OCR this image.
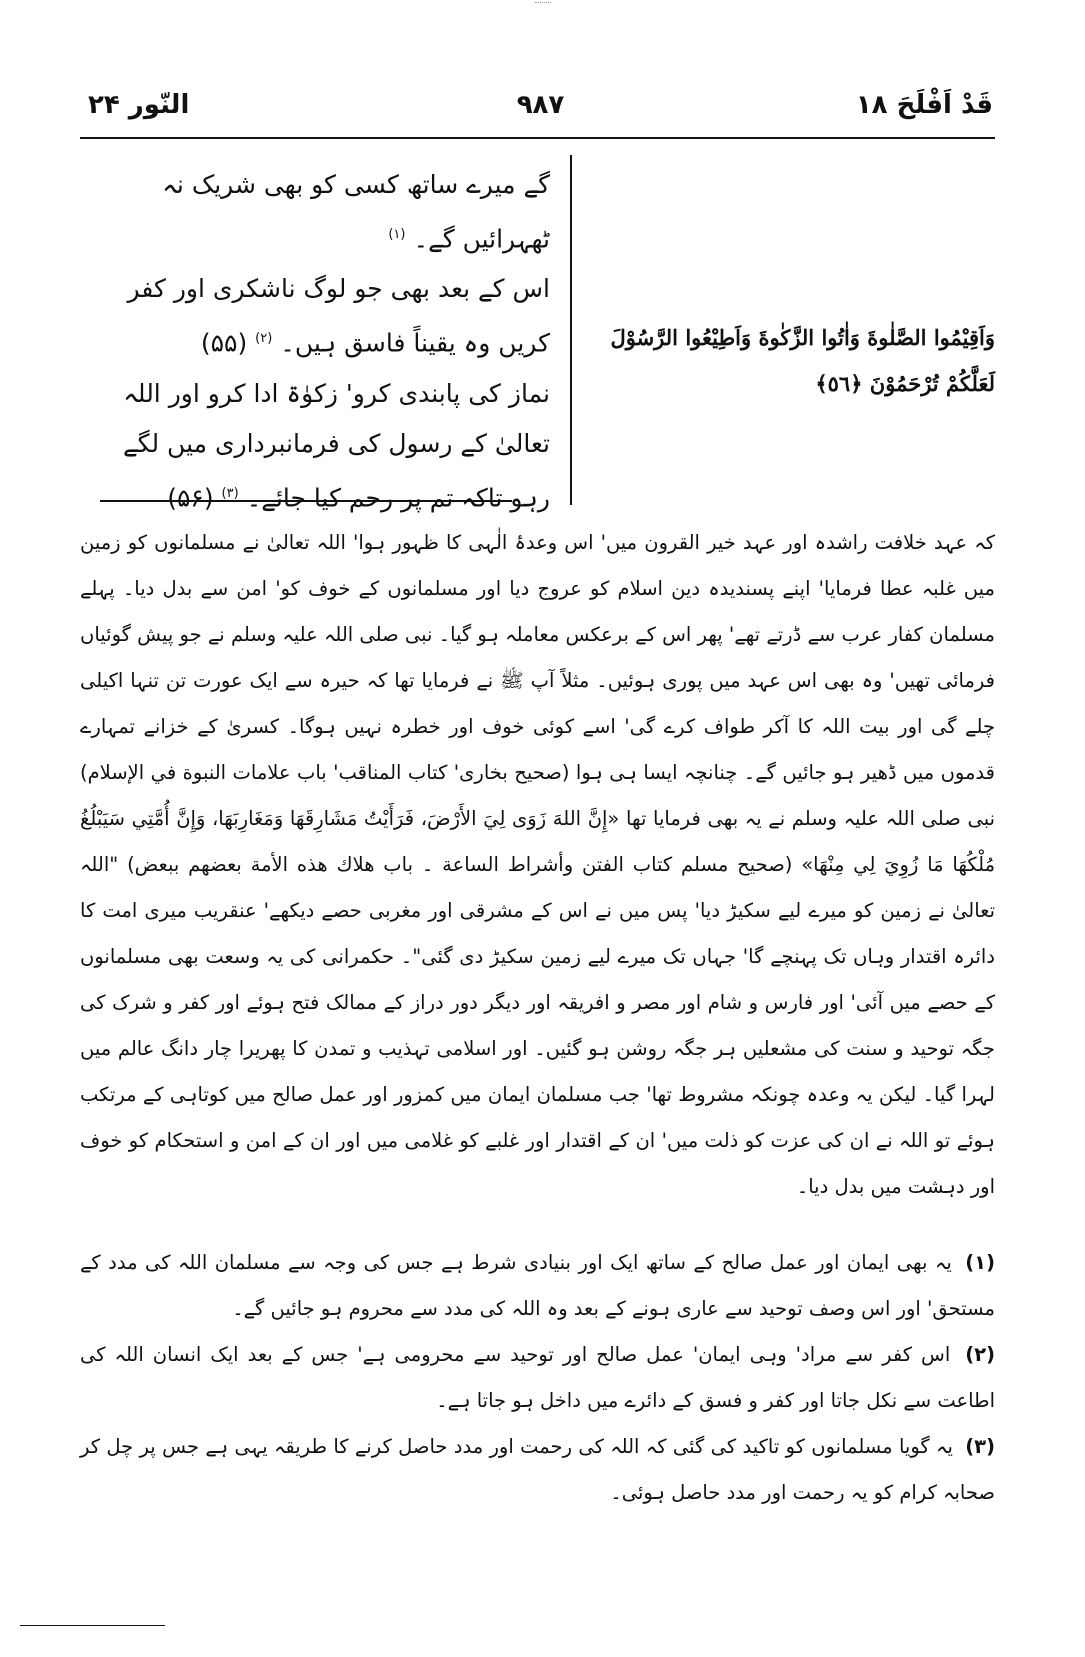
قَدْ اَفْلَحَ ۱۸
۹۸۷
النّور ۲۴
وَاَقِيْمُوا الصَّلٰوةَ وَاٰتُوا الزَّكٰوةَ وَاَطِيْعُوا الرَّسُوْلَ لَعَلَّكُمْ تُرْحَمُوْنَ ﴿٥٦﴾

گے میرے ساتھ کسی کو بھی شریک نہ ٹھہرائیں گے۔ $^{(۱)}$

اس کے بعد بھی جو لوگ ناشکری اور کفر کریں وہ یقیناً فاسق ہیں۔ $^{(۲)}$ (۵۵)

نماز کی پابندی کرو' زکوٰۃ ادا کرو اور اللہ تعالیٰ کے رسول کی فرمانبرداری میں لگے رہو تاکہ تم پر رحم کیا جائے۔ $^{(۳)}$ (۵۶)

کہ عہد خلافت راشدہ اور عہد خیر القرون میں' اس وعدۂ الٰہی کا ظہور ہوا' اللہ تعالیٰ نے مسلمانوں کو زمین میں غلبہ عطا فرمایا' اپنے پسندیدہ دین اسلام کو عروج دیا اور مسلمانوں کے خوف کو' امن سے بدل دیا۔ پہلے مسلمان کفار عرب سے ڈرتے تھے' پھر اس کے برعکس معاملہ ہو گیا۔ نبی صلی اللہ علیہ وسلم نے جو پیش گوئیاں فرمائی تھیں' وہ بھی اس عہد میں پوری ہوئیں۔ مثلاً آپ ﷺ نے فرمایا تھا کہ حیرہ سے ایک عورت تن تنہا اکیلی چلے گی اور بیت اللہ کا آکر طواف کرے گی' اسے کوئی خوف اور خطرہ نہیں ہوگا۔ کسریٰ کے خزانے تمہارے قدموں میں ڈھیر ہو جائیں گے۔ چنانچہ ایسا ہی ہوا (صحیح بخاری' کتاب المناقب' باب علامات النبوة في الإسلام) نبی صلی اللہ علیہ وسلم نے یہ بھی فرمایا تھا «إِنَّ اللهَ زَوَى لِيَ الأَرْضَ، فَرَأَيْتُ مَشَارِقَهَا وَمَغَارِبَهَا، وَإِنَّ أُمَّتِي سَيَبْلُغُ مُلْكُهَا مَا زُوِيَ لِي مِنْهَا» (صحیح مسلم کتاب الفتن وأشراط الساعة ۔ باب هلاك هذه الأمة بعضهم ببعض) "اللہ تعالیٰ نے زمین کو میرے لیے سکیڑ دیا' پس میں نے اس کے مشرقی اور مغربی حصے دیکھے' عنقریب میری امت کا دائرہ اقتدار وہاں تک پہنچے گا' جہاں تک میرے لیے زمین سکیڑ دی گئی"۔ حکمرانی کی یہ وسعت بھی مسلمانوں کے حصے میں آئی' اور فارس و شام اور مصر و افریقہ اور دیگر دور دراز کے ممالک فتح ہوئے اور کفر و شرک کی جگہ توحید و سنت کی مشعلیں ہر جگہ روشن ہو گئیں۔ اور اسلامی تہذیب و تمدن کا پھریرا چار دانگ عالم میں لہرا گیا۔ لیکن یہ وعدہ چونکہ مشروط تھا' جب مسلمان ایمان میں کمزور اور عمل صالح میں کوتاہی کے مرتکب ہوئے تو اللہ نے ان کی عزت کو ذلت میں' ان کے اقتدار اور غلبے کو غلامی میں اور ان کے امن و استحکام کو خوف اور دہشت میں بدل دیا۔

(۱) یہ بھی ایمان اور عمل صالح کے ساتھ ایک اور بنیادی شرط ہے جس کی وجہ سے مسلمان اللہ کی مدد کے مستحق' اور اس وصف توحید سے عاری ہونے کے بعد وہ اللہ کی مدد سے محروم ہو جائیں گے۔

(۲) اس کفر سے مراد' وہی ایمان' عمل صالح اور توحید سے محرومی ہے' جس کے بعد ایک انسان اللہ کی اطاعت سے نکل جاتا اور کفر و فسق کے دائرے میں داخل ہو جاتا ہے۔

(۳) یہ گویا مسلمانوں کو تاکید کی گئی کہ اللہ کی رحمت اور مدد حاصل کرنے کا طریقہ یہی ہے جس پر چل کر صحابہ کرام کو یہ رحمت اور مدد حاصل ہوئی۔
